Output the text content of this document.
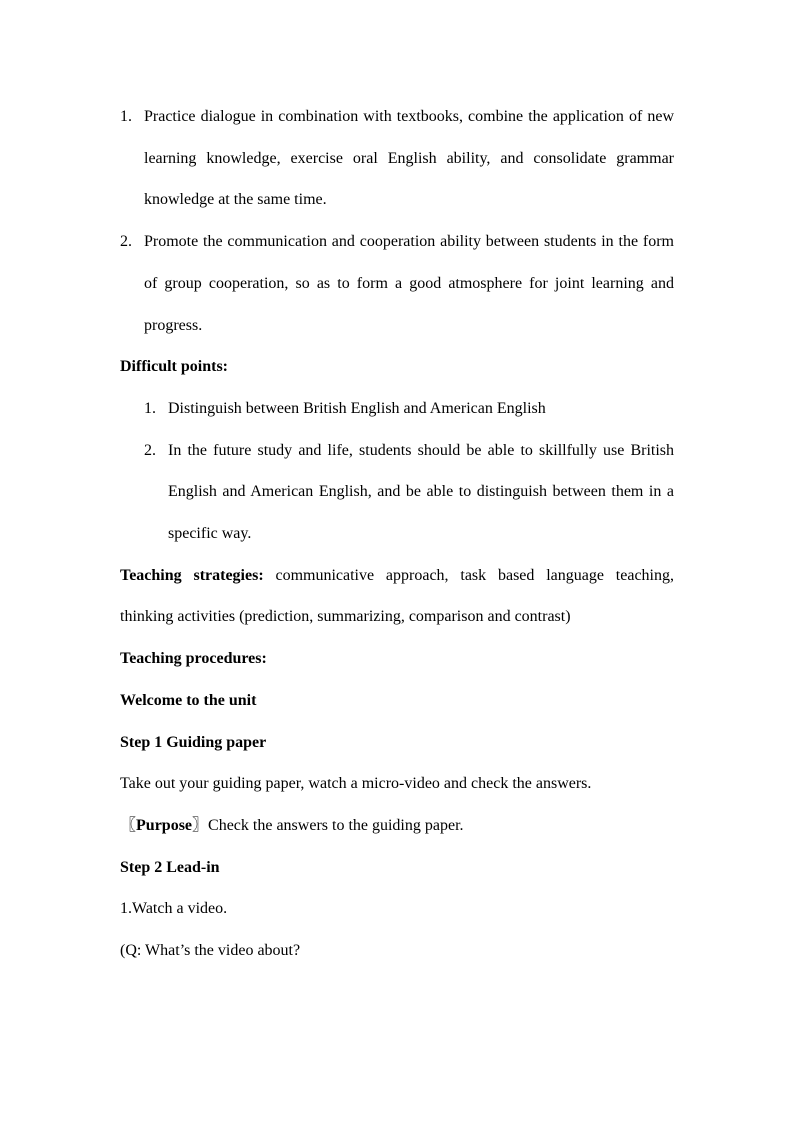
1. Practice dialogue in combination with textbooks, combine the application of new learning knowledge, exercise oral English ability, and consolidate grammar knowledge at the same time.

2. Promote the communication and cooperation ability between students in the form of group cooperation, so as to form a good atmosphere for joint learning and progress.

Difficult points:

1. Distinguish between British English and American English

2. In the future study and life, students should be able to skillfully use British English and American English, and be able to distinguish between them in a specific way.

Teaching strategies: communicative approach, task based language teaching, thinking activities (prediction, summarizing, comparison and contrast)

Teaching procedures:

Welcome to the unit

Step 1 Guiding paper

Take out your guiding paper, watch a micro-video and check the answers.

〖Purpose〗Check the answers to the guiding paper.

Step 2 Lead-in

1.Watch a video.

(Q: What’s the video about?
